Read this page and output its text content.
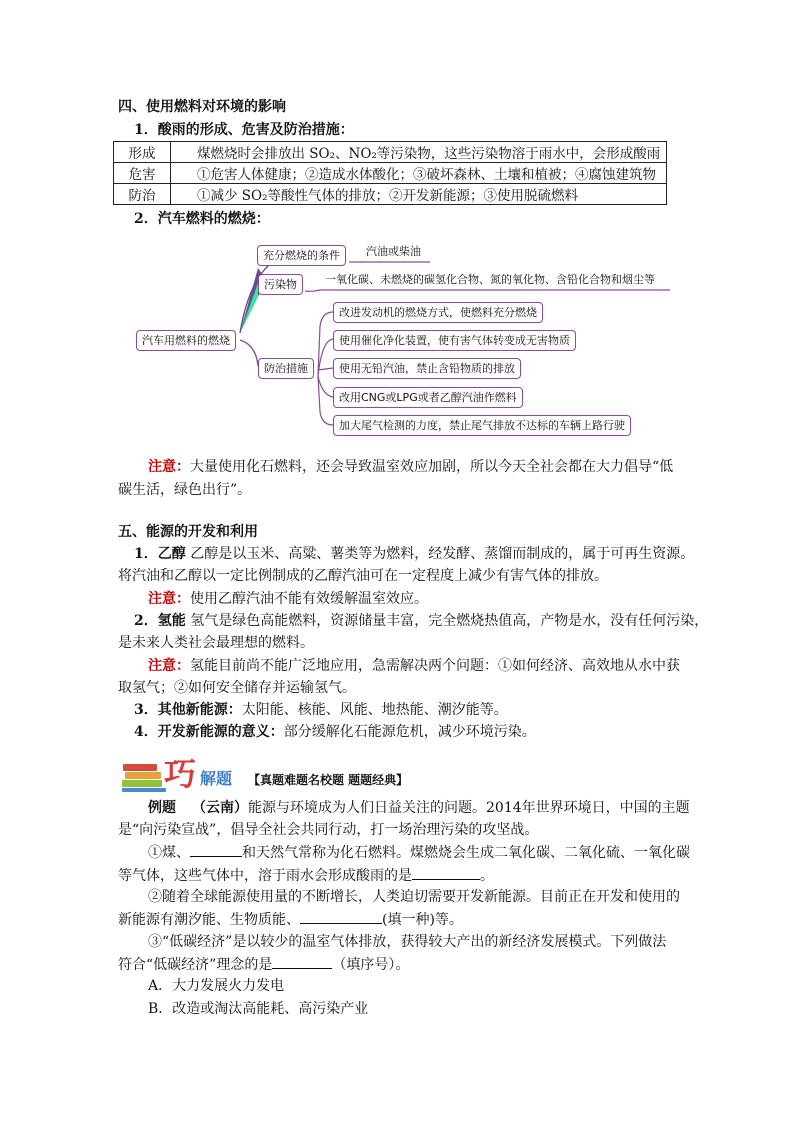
四、使用燃料对环境的影响
1．酸雨的形成、危害及防治措施：
形成	煤燃烧时会排放出 SO₂、NO₂等污染物，这些污染物溶于雨水中，会形成酸雨
危害	①危害人体健康；②造成水体酸化；③破坏森林、土壤和植被；④腐蚀建筑物
防治	①减少 SO₂等酸性气体的排放；②开发新能源；③使用脱硫燃料
2．汽车燃料的燃烧：
汽车用燃料的燃烧
充分燃烧的条件	汽油或柴油
污染物	一氧化碳、未燃烧的碳氢化合物、氮的氧化物、含铅化合物和烟尘等
防治措施
改进发动机的燃烧方式，使燃料充分燃烧
使用催化净化装置，使有害气体转变成无害物质
使用无铅汽油，禁止含铅物质的排放
改用CNG或LPG或者乙醇汽油作燃料
加大尾气检测的力度，禁止尾气排放不达标的车辆上路行驶
注意：大量使用化石燃料，还会导致温室效应加剧，所以今天全社会都在大力倡导“低
碳生活，绿色出行”。
五、能源的开发和利用
1．乙醇 乙醇是以玉米、高粱、薯类等为燃料，经发酵、蒸馏而制成的，属于可再生资源。
将汽油和乙醇以一定比例制成的乙醇汽油可在一定程度上减少有害气体的排放。
注意：使用乙醇汽油不能有效缓解温室效应。
2．氢能 氢气是绿色高能燃料，资源储量丰富，完全燃烧热值高，产物是水，没有任何污染，
是未来人类社会最理想的燃料。
注意：氢能目前尚不能广泛地应用，急需解决两个问题：①如何经济、高效地从水中获
取氢气；②如何安全储存并运输氢气。
3．其他新能源：太阳能、核能、风能、地热能、潮汐能等。
4．开发新能源的意义：部分缓解化石能源危机，减少环境污染。
巧 解题 【真题难题名校题 题题经典】
例题 （云南）能源与环境成为人们日益关注的问题。2014年世界环境日，中国的主题
是“向污染宣战”，倡导全社会共同行动，打一场治理污染的攻坚战。
①煤、	和天然气常称为化石燃料。煤燃烧会生成二氧化碳、二氧化硫、一氧化碳
等气体，这些气体中，溶于雨水会形成酸雨的是	。
②随着全球能源使用量的不断增长，人类迫切需要开发新能源。目前正在开发和使用的
新能源有潮汐能、生物质能、	(填一种)等。
③“低碳经济”是以较少的温室气体排放，获得较大产出的新经济发展模式。下列做法
符合“低碳经济”理念的是	（填序号）。
A．大力发展火力发电
B．改造或淘汰高能耗、高污染产业
